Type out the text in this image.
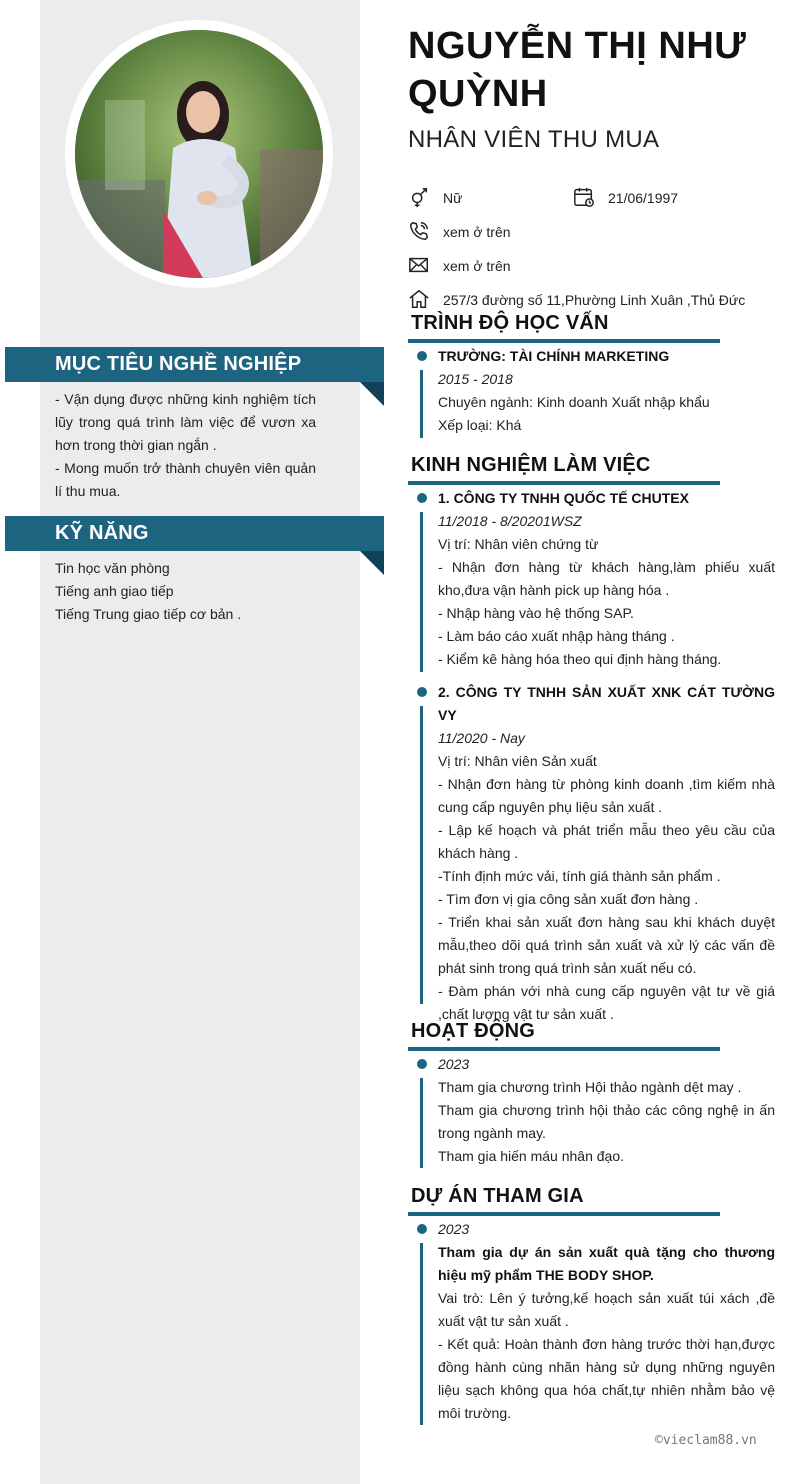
MỤC TIÊU NGHỀ NGHIỆP

- Vận dụng được những kinh nghiệm tích lũy trong quá trình làm việc để vươn xa hơn trong thời gian ngắn .

- Mong muốn trở thành chuyên viên quản lí thu mua.

KỸ NĂNG

Tin học văn phòng

Tiếng anh giao tiếp

Tiếng Trung giao tiếp cơ bản .

NGUYỄN THỊ NHƯ QUỲNH
NHÂN VIÊN THU MUA
Nữ	21/06/1997
xem ở trên
xem ở trên
257/3 đường số 11,Phường Linh Xuân ,Thủ Đức
TRÌNH ĐỘ HỌC VẤN

TRƯỜNG: TÀI CHÍNH MARKETING

2015 - 2018

Chuyên ngành: Kinh doanh Xuất nhập khẩu

Xếp loại: Khá

KINH NGHIỆM LÀM VIỆC

1. CÔNG TY TNHH QUỐC TẾ CHUTEX

11/2018 - 8/20201WSZ

Vị trí: Nhân viên chứng từ

- Nhận đơn hàng từ khách hàng,làm phiếu xuất kho,đưa vận hành pick up hàng hóa .

- Nhập hàng vào hệ thống SAP.

- Làm báo cáo xuất nhập hàng tháng .

- Kiểm kê hàng hóa theo qui định hàng tháng.

2. CÔNG TY TNHH SẢN XUẤT XNK CÁT TƯỜNG VY

11/2020 - Nay

Vị trí: Nhân viên Sản xuất

- Nhận đơn hàng từ phòng kinh doanh ,tìm kiếm nhà cung cấp nguyên phụ liệu sản xuất .

- Lập kế hoạch và phát triển mẫu theo yêu cầu của khách hàng .

-Tính định mức vải, tính giá thành sản phẩm .

- Tìm đơn vị gia công sản xuất đơn hàng .

- Triển khai sản xuất đơn hàng sau khi khách duyệt mẫu,theo dõi quá trình sản xuất và xử lý các vấn đề phát sinh trong quá trình sản xuất nếu có.

- Đàm phán với nhà cung cấp nguyên vật tư về giá ,chất lượng vật tư sản xuất .

HOẠT ĐỘNG

2023

Tham gia chương trình Hội thảo ngành dệt may .

Tham gia chương trình hội thảo các công nghệ in ấn trong ngành may.

Tham gia hiến máu nhân đạo.

DỰ ÁN THAM GIA

2023

Tham gia dự án sản xuất quà tặng cho thương hiệu mỹ phẩm THE BODY SHOP.

Vai trò: Lên ý tưởng,kế hoạch sản xuất túi xách ,đề xuất vật tư sản xuất .

- Kết quả: Hoàn thành đơn hàng trước thời hạn,được đồng hành cùng nhãn hàng sử dụng những nguyên liệu sạch không qua hóa chất,tự nhiên nhằm bảo vệ môi trường.

©vieclam88.vn
